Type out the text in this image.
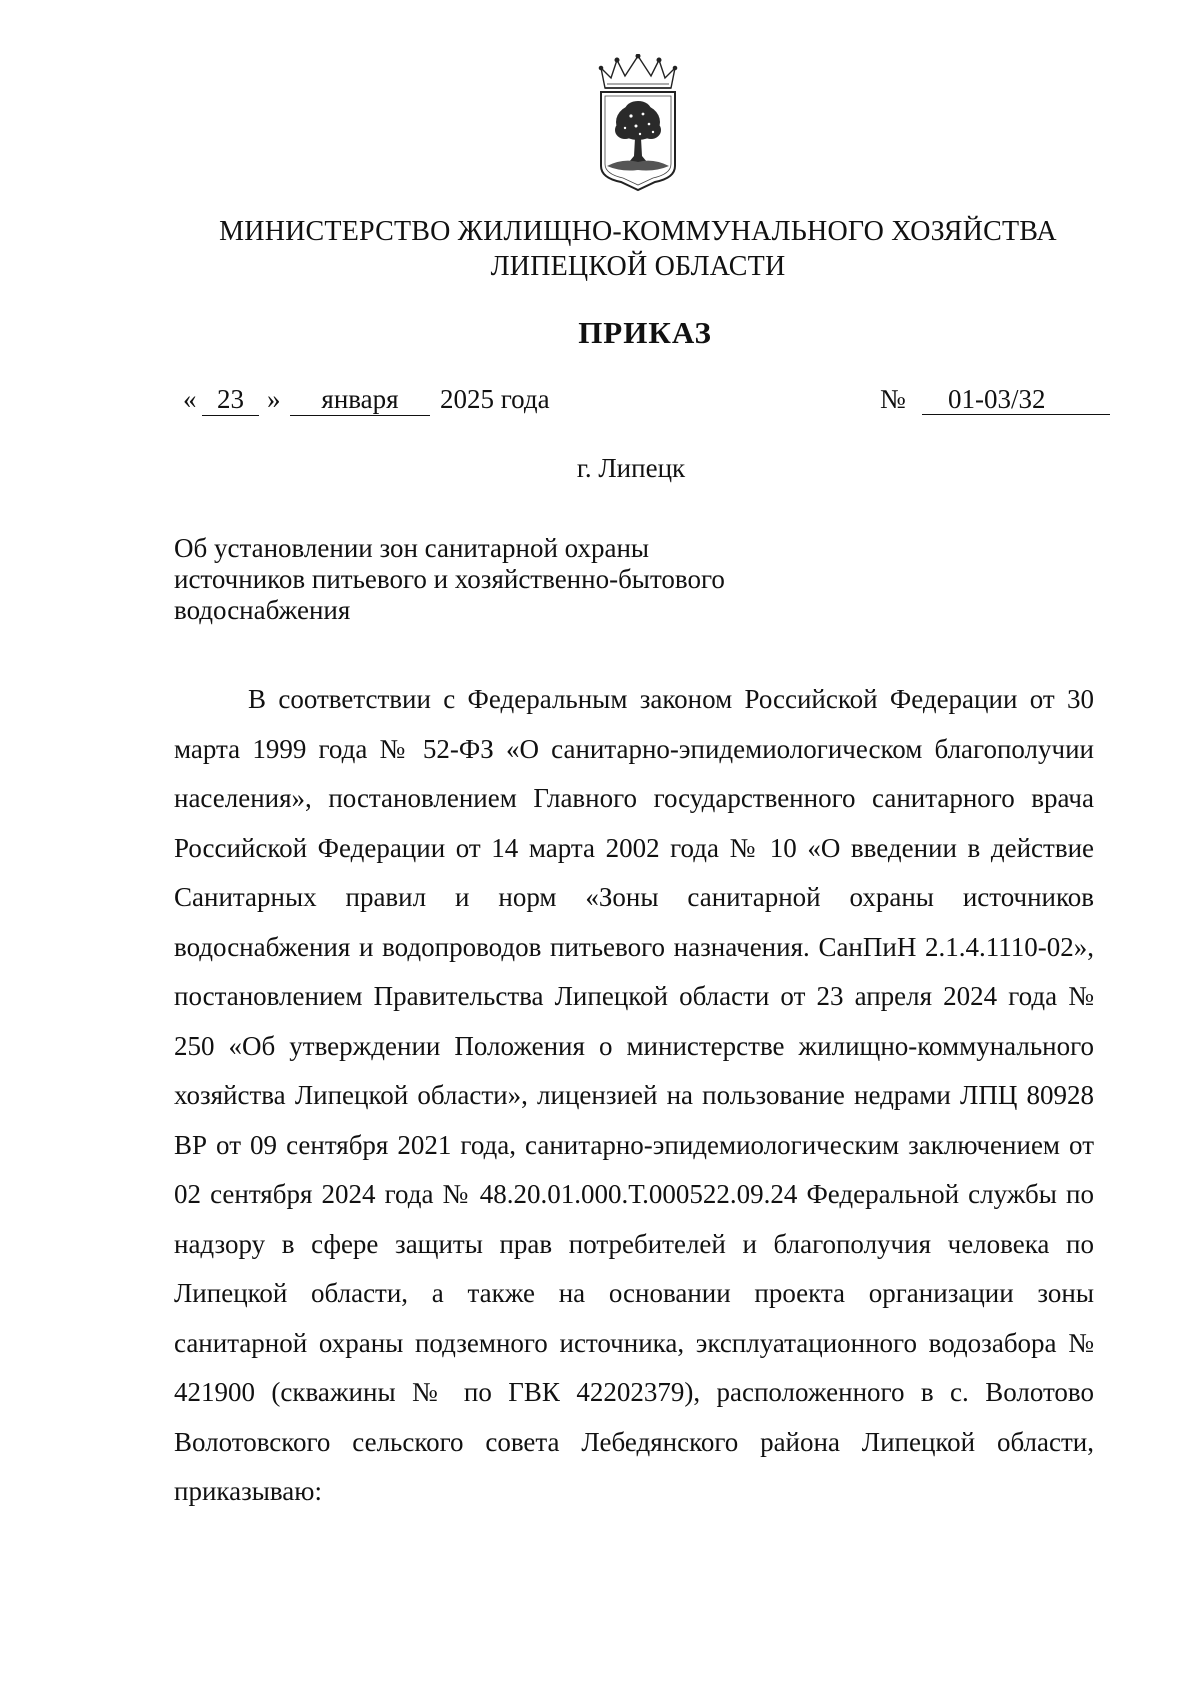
МИНИСТЕРСТВО ЖИЛИЩНО-КОММУНАЛЬНОГО ХОЗЯЙСТВА
ЛИПЕЦКОЙ ОБЛАСТИ
ПРИКАЗ
« 23 »	января	2025 года	№	01-03/32
г. Липецк
Об установлении зон санитарной охраны
источников питьевого и хозяйственно-бытового
водоснабжения

В соответствии с Федеральным законом Российской Федерации от 30 марта 1999 года № 52-ФЗ «О санитарно-эпидемиологическом благополучии населения», постановлением Главного государственного санитарного врача Российской Федерации от 14 марта 2002 года № 10 «О введении в действие Санитарных правил и норм «Зоны санитарной охраны источников водоснабжения и водопроводов питьевого назначения. СанПиН 2.1.4.1110-02», постановлением Правительства Липецкой области от 23 апреля 2024 года № 250 «Об утверждении Положения о министерстве жилищно-коммунального хозяйства Липецкой области», лицензией на пользование недрами ЛПЦ 80928 ВР от 09 сентября 2021 года, санитарно-эпидемиологическим заключением от 02 сентября 2024 года № 48.20.01.000.Т.000522.09.24 Федеральной службы по надзору в сфере защиты прав потребителей и благополучия человека по Липецкой области, а также на основании проекта организации зоны санитарной охраны подземного источника, эксплуатационного водозабора № 421900 (скважины № по ГВК 42202379), расположенного в с. Волотово Волотовского сельского совета Лебедянского района Липецкой области, приказываю:
